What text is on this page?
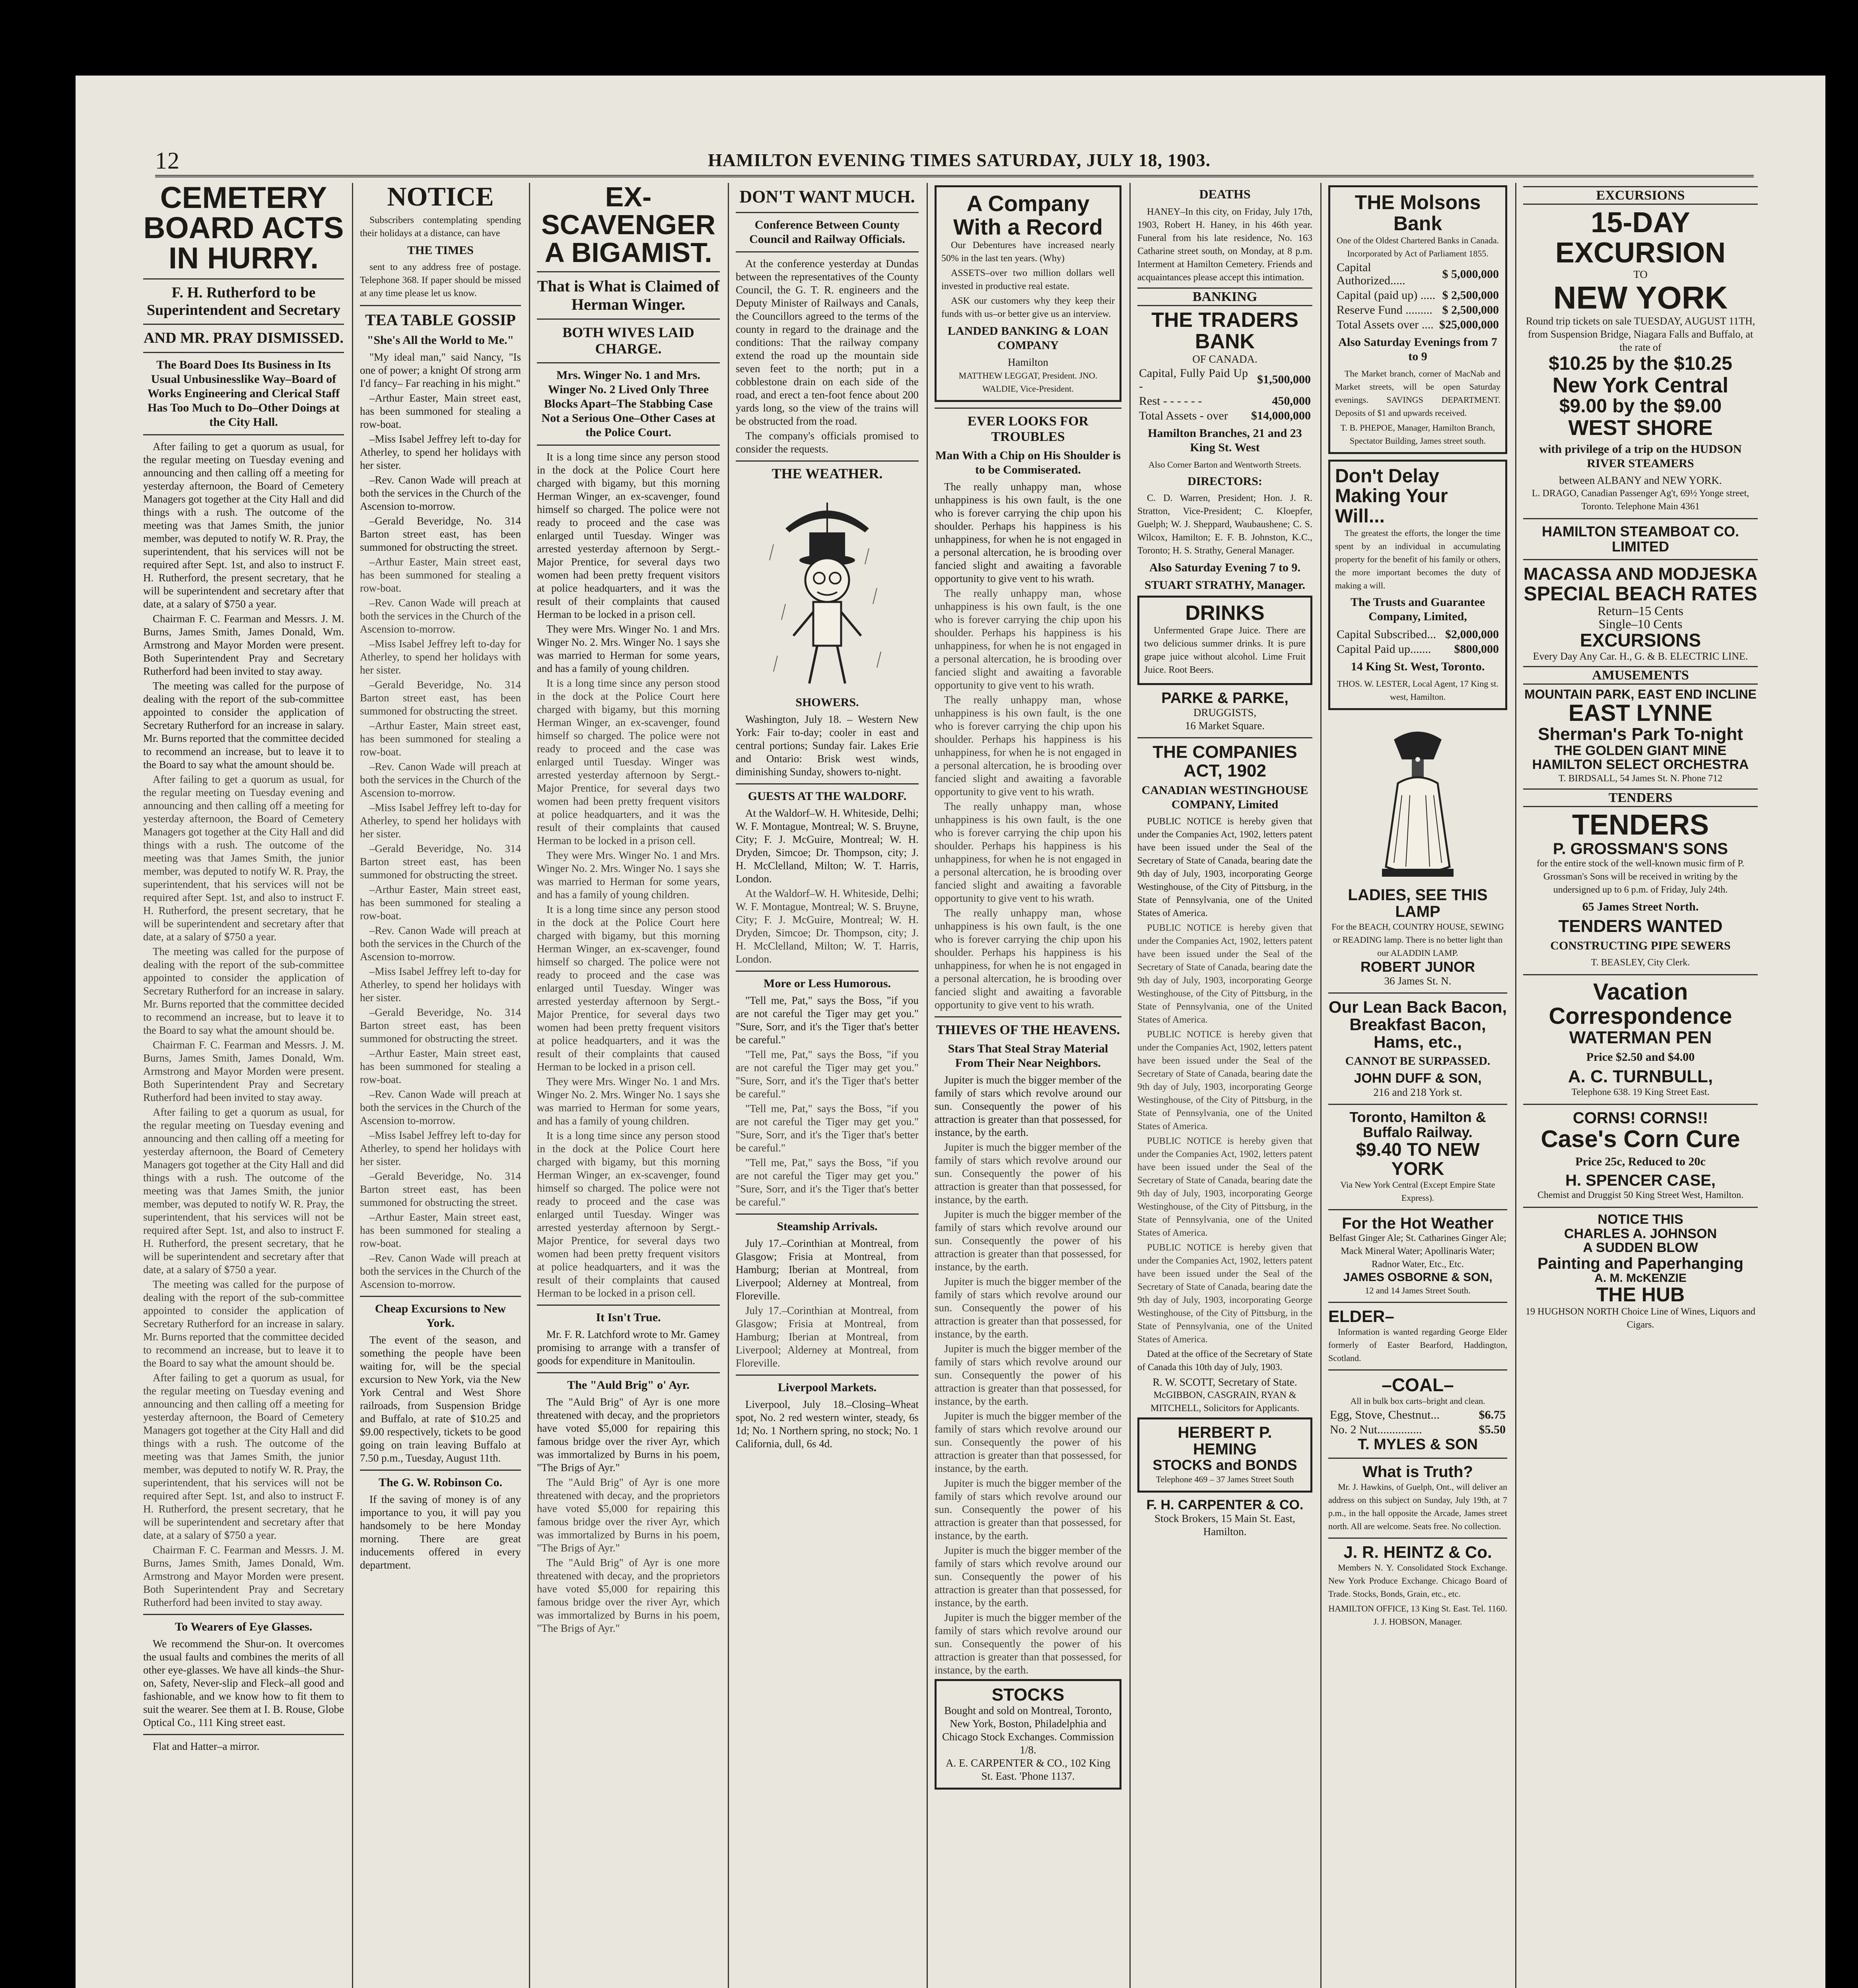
12	HAMILTON EVENING TIMES SATURDAY, JULY 18, 1903.
CEMETERY BOARD ACTS IN HURRY.
F. H. Rutherford to be Superintendent and Secretary
AND MR. PRAY DISMISSED.
The Board Does Its Business in Its Usual Unbusinesslike Way–Board of Works Engineering and Clerical Staff Has Too Much to Do–Other Doings at the City Hall.

After failing to get a quorum as usual, for the regular meeting on Tuesday evening and announcing and then calling off a meeting for yesterday afternoon, the Board of Cemetery Managers got together at the City Hall and did things with a rush. The outcome of the meeting was that James Smith, the junior member, was deputed to notify W. R. Pray, the superintendent, that his services will not be required after Sept. 1st, and also to instruct F. H. Rutherford, the present secretary, that he will be superintendent and secretary after that date, at a salary of $750 a year.

Chairman F. C. Fearman and Messrs. J. M. Burns, James Smith, James Donald, Wm. Armstrong and Mayor Morden were present. Both Superintendent Pray and Secretary Rutherford had been invited to stay away.

The meeting was called for the purpose of dealing with the report of the sub-committee appointed to consider the application of Secretary Rutherford for an increase in salary. Mr. Burns reported that the committee decided to recommend an increase, but to leave it to the Board to say what the amount should be.

After failing to get a quorum as usual, for the regular meeting on Tuesday evening and announcing and then calling off a meeting for yesterday afternoon, the Board of Cemetery Managers got together at the City Hall and did things with a rush. The outcome of the meeting was that James Smith, the junior member, was deputed to notify W. R. Pray, the superintendent, that his services will not be required after Sept. 1st, and also to instruct F. H. Rutherford, the present secretary, that he will be superintendent and secretary after that date, at a salary of $750 a year.

The meeting was called for the purpose of dealing with the report of the sub-committee appointed to consider the application of Secretary Rutherford for an increase in salary. Mr. Burns reported that the committee decided to recommend an increase, but to leave it to the Board to say what the amount should be.

Chairman F. C. Fearman and Messrs. J. M. Burns, James Smith, James Donald, Wm. Armstrong and Mayor Morden were present. Both Superintendent Pray and Secretary Rutherford had been invited to stay away.

After failing to get a quorum as usual, for the regular meeting on Tuesday evening and announcing and then calling off a meeting for yesterday afternoon, the Board of Cemetery Managers got together at the City Hall and did things with a rush. The outcome of the meeting was that James Smith, the junior member, was deputed to notify W. R. Pray, the superintendent, that his services will not be required after Sept. 1st, and also to instruct F. H. Rutherford, the present secretary, that he will be superintendent and secretary after that date, at a salary of $750 a year.

The meeting was called for the purpose of dealing with the report of the sub-committee appointed to consider the application of Secretary Rutherford for an increase in salary. Mr. Burns reported that the committee decided to recommend an increase, but to leave it to the Board to say what the amount should be.

After failing to get a quorum as usual, for the regular meeting on Tuesday evening and announcing and then calling off a meeting for yesterday afternoon, the Board of Cemetery Managers got together at the City Hall and did things with a rush. The outcome of the meeting was that James Smith, the junior member, was deputed to notify W. R. Pray, the superintendent, that his services will not be required after Sept. 1st, and also to instruct F. H. Rutherford, the present secretary, that he will be superintendent and secretary after that date, at a salary of $750 a year.

Chairman F. C. Fearman and Messrs. J. M. Burns, James Smith, James Donald, Wm. Armstrong and Mayor Morden were present. Both Superintendent Pray and Secretary Rutherford had been invited to stay away.

To Wearers of Eye Glasses.

We recommend the Shur-on. It overcomes the usual faults and combines the merits of all other eye-glasses. We have all kinds–the Shur-on, Safety, Never-slip and Fleck–all good and fashionable, and we know how to fit them to suit the wearer. See them at I. B. Rouse, Globe Optical Co., 111 King street east.

Flat and Hatter–a mirror.

NOTICE

Subscribers contemplating spending their holidays at a distance, can have

THE TIMES

sent to any address free of postage. Telephone 368. If paper should be missed at any time please let us know.

TEA TABLE GOSSIP
"She's All the World to Me."

"My ideal man," said Nancy, "Is one of power; a knight Of strong arm I'd fancy– Far reaching in his might."

–Arthur Easter, Main street east, has been summoned for stealing a row-boat.

–Miss Isabel Jeffrey left to-day for Atherley, to spend her holidays with her sister.

–Rev. Canon Wade will preach at both the services in the Church of the Ascension to-morrow.

–Gerald Beveridge, No. 314 Barton street east, has been summoned for obstructing the street.

–Arthur Easter, Main street east, has been summoned for stealing a row-boat.

–Rev. Canon Wade will preach at both the services in the Church of the Ascension to-morrow.

–Miss Isabel Jeffrey left to-day for Atherley, to spend her holidays with her sister.

–Gerald Beveridge, No. 314 Barton street east, has been summoned for obstructing the street.

–Arthur Easter, Main street east, has been summoned for stealing a row-boat.

–Rev. Canon Wade will preach at both the services in the Church of the Ascension to-morrow.

–Miss Isabel Jeffrey left to-day for Atherley, to spend her holidays with her sister.

–Gerald Beveridge, No. 314 Barton street east, has been summoned for obstructing the street.

–Arthur Easter, Main street east, has been summoned for stealing a row-boat.

–Rev. Canon Wade will preach at both the services in the Church of the Ascension to-morrow.

–Miss Isabel Jeffrey left to-day for Atherley, to spend her holidays with her sister.

–Gerald Beveridge, No. 314 Barton street east, has been summoned for obstructing the street.

–Arthur Easter, Main street east, has been summoned for stealing a row-boat.

–Rev. Canon Wade will preach at both the services in the Church of the Ascension to-morrow.

–Miss Isabel Jeffrey left to-day for Atherley, to spend her holidays with her sister.

–Gerald Beveridge, No. 314 Barton street east, has been summoned for obstructing the street.

–Arthur Easter, Main street east, has been summoned for stealing a row-boat.

–Rev. Canon Wade will preach at both the services in the Church of the Ascension to-morrow.

Cheap Excursions to New York.

The event of the season, and something the people have been waiting for, will be the special excursion to New York, via the New York Central and West Shore railroads, from Suspension Bridge and Buffalo, at rate of $10.25 and $9.00 respectively, tickets to be good going on train leaving Buffalo at 7.50 p.m., Tuesday, August 11th.

The G. W. Robinson Co.

If the saving of money is of any importance to you, it will pay you handsomely to be here Monday morning. There are great inducements offered in every department.

EX-SCAVENGER A BIGAMIST.
That is What is Claimed of Herman Winger.
BOTH WIVES LAID CHARGE.
Mrs. Winger No. 1 and Mrs. Winger No. 2 Lived Only Three Blocks Apart–The Stabbing Case Not a Serious One–Other Cases at the Police Court.

It is a long time since any person stood in the dock at the Police Court here charged with bigamy, but this morning Herman Winger, an ex-scavenger, found himself so charged. The police were not ready to proceed and the case was enlarged until Tuesday. Winger was arrested yesterday afternoon by Sergt.-Major Prentice, for several days two women had been pretty frequent visitors at police headquarters, and it was the result of their complaints that caused Herman to be locked in a prison cell.

They were Mrs. Winger No. 1 and Mrs. Winger No. 2. Mrs. Winger No. 1 says she was married to Herman for some years, and has a family of young children.

It is a long time since any person stood in the dock at the Police Court here charged with bigamy, but this morning Herman Winger, an ex-scavenger, found himself so charged. The police were not ready to proceed and the case was enlarged until Tuesday. Winger was arrested yesterday afternoon by Sergt.-Major Prentice, for several days two women had been pretty frequent visitors at police headquarters, and it was the result of their complaints that caused Herman to be locked in a prison cell.

They were Mrs. Winger No. 1 and Mrs. Winger No. 2. Mrs. Winger No. 1 says she was married to Herman for some years, and has a family of young children.

It is a long time since any person stood in the dock at the Police Court here charged with bigamy, but this morning Herman Winger, an ex-scavenger, found himself so charged. The police were not ready to proceed and the case was enlarged until Tuesday. Winger was arrested yesterday afternoon by Sergt.-Major Prentice, for several days two women had been pretty frequent visitors at police headquarters, and it was the result of their complaints that caused Herman to be locked in a prison cell.

They were Mrs. Winger No. 1 and Mrs. Winger No. 2. Mrs. Winger No. 1 says she was married to Herman for some years, and has a family of young children.

It is a long time since any person stood in the dock at the Police Court here charged with bigamy, but this morning Herman Winger, an ex-scavenger, found himself so charged. The police were not ready to proceed and the case was enlarged until Tuesday. Winger was arrested yesterday afternoon by Sergt.-Major Prentice, for several days two women had been pretty frequent visitors at police headquarters, and it was the result of their complaints that caused Herman to be locked in a prison cell.

It Isn't True.

Mr. F. R. Latchford wrote to Mr. Gamey promising to arrange with a transfer of goods for expenditure in Manitoulin.

The "Auld Brig" o' Ayr.

The "Auld Brig" of Ayr is one more threatened with decay, and the proprietors have voted $5,000 for repairing this famous bridge over the river Ayr, which was immortalized by Burns in his poem, "The Brigs of Ayr."

The "Auld Brig" of Ayr is one more threatened with decay, and the proprietors have voted $5,000 for repairing this famous bridge over the river Ayr, which was immortalized by Burns in his poem, "The Brigs of Ayr."

The "Auld Brig" of Ayr is one more threatened with decay, and the proprietors have voted $5,000 for repairing this famous bridge over the river Ayr, which was immortalized by Burns in his poem, "The Brigs of Ayr."

DON'T WANT MUCH.
Conference Between County Council and Railway Officials.

At the conference yesterday at Dundas between the representatives of the County Council, the G. T. R. engineers and the Deputy Minister of Railways and Canals, the Councillors agreed to the terms of the county in regard to the drainage and the conditions: That the railway company extend the road up the mountain side seven feet to the north; put in a cobblestone drain on each side of the road, and erect a ten-foot fence about 200 yards long, so the view of the trains will be obstructed from the road.

The company's officials promised to consider the requests.

THE WEATHER.
SHOWERS.

Washington, July 18. – Western New York: Fair to-day; cooler in east and central portions; Sunday fair. Lakes Erie and Ontario: Brisk west winds, diminishing Sunday, showers to-night.

GUESTS AT THE WALDORF.

At the Waldorf–W. H. Whiteside, Delhi; W. F. Montague, Montreal; W. S. Bruyne, City; F. J. McGuire, Montreal; W. H. Dryden, Simcoe; Dr. Thompson, city; J. H. McClelland, Milton; W. T. Harris, London.

At the Waldorf–W. H. Whiteside, Delhi; W. F. Montague, Montreal; W. S. Bruyne, City; F. J. McGuire, Montreal; W. H. Dryden, Simcoe; Dr. Thompson, city; J. H. McClelland, Milton; W. T. Harris, London.

More or Less Humorous.

"Tell me, Pat," says the Boss, "if you are not careful the Tiger may get you." "Sure, Sorr, and it's the Tiger that's better be careful."

"Tell me, Pat," says the Boss, "if you are not careful the Tiger may get you." "Sure, Sorr, and it's the Tiger that's better be careful."

"Tell me, Pat," says the Boss, "if you are not careful the Tiger may get you." "Sure, Sorr, and it's the Tiger that's better be careful."

"Tell me, Pat," says the Boss, "if you are not careful the Tiger may get you." "Sure, Sorr, and it's the Tiger that's better be careful."

Steamship Arrivals.

July 17.–Corinthian at Montreal, from Glasgow; Frisia at Montreal, from Hamburg; Iberian at Montreal, from Liverpool; Alderney at Montreal, from Floreville.

July 17.–Corinthian at Montreal, from Glasgow; Frisia at Montreal, from Hamburg; Iberian at Montreal, from Liverpool; Alderney at Montreal, from Floreville.

Liverpool Markets.

Liverpool, July 18.–Closing–Wheat spot, No. 2 red western winter, steady, 6s 1d; No. 1 Northern spring, no stock; No. 1 California, dull, 6s 4d.

A Company With a Record

Our Debentures have increased nearly 50% in the last ten years. (Why)

ASSETS–over two million dollars well invested in productive real estate.

ASK our customers why they keep their funds with us–or better give us an interview.

LANDED BANKING & LOAN COMPANY
Hamilton
MATTHEW LEGGAT, President. JNO. WALDIE, Vice-President.
EVER LOOKS FOR TROUBLES
Man With a Chip on His Shoulder is to be Commiserated.

The really unhappy man, whose unhappiness is his own fault, is the one who is forever carrying the chip upon his shoulder. Perhaps his happiness is his unhappiness, for when he is not engaged in a personal altercation, he is brooding over fancied slight and awaiting a favorable opportunity to give vent to his wrath.

The really unhappy man, whose unhappiness is his own fault, is the one who is forever carrying the chip upon his shoulder. Perhaps his happiness is his unhappiness, for when he is not engaged in a personal altercation, he is brooding over fancied slight and awaiting a favorable opportunity to give vent to his wrath.

The really unhappy man, whose unhappiness is his own fault, is the one who is forever carrying the chip upon his shoulder. Perhaps his happiness is his unhappiness, for when he is not engaged in a personal altercation, he is brooding over fancied slight and awaiting a favorable opportunity to give vent to his wrath.

The really unhappy man, whose unhappiness is his own fault, is the one who is forever carrying the chip upon his shoulder. Perhaps his happiness is his unhappiness, for when he is not engaged in a personal altercation, he is brooding over fancied slight and awaiting a favorable opportunity to give vent to his wrath.

The really unhappy man, whose unhappiness is his own fault, is the one who is forever carrying the chip upon his shoulder. Perhaps his happiness is his unhappiness, for when he is not engaged in a personal altercation, he is brooding over fancied slight and awaiting a favorable opportunity to give vent to his wrath.

THIEVES OF THE HEAVENS.
Stars That Steal Stray Material From Their Near Neighbors.

Jupiter is much the bigger member of the family of stars which revolve around our sun. Consequently the power of his attraction is greater than that possessed, for instance, by the earth.

Jupiter is much the bigger member of the family of stars which revolve around our sun. Consequently the power of his attraction is greater than that possessed, for instance, by the earth.

Jupiter is much the bigger member of the family of stars which revolve around our sun. Consequently the power of his attraction is greater than that possessed, for instance, by the earth.

Jupiter is much the bigger member of the family of stars which revolve around our sun. Consequently the power of his attraction is greater than that possessed, for instance, by the earth.

Jupiter is much the bigger member of the family of stars which revolve around our sun. Consequently the power of his attraction is greater than that possessed, for instance, by the earth.

Jupiter is much the bigger member of the family of stars which revolve around our sun. Consequently the power of his attraction is greater than that possessed, for instance, by the earth.

Jupiter is much the bigger member of the family of stars which revolve around our sun. Consequently the power of his attraction is greater than that possessed, for instance, by the earth.

Jupiter is much the bigger member of the family of stars which revolve around our sun. Consequently the power of his attraction is greater than that possessed, for instance, by the earth.

Jupiter is much the bigger member of the family of stars which revolve around our sun. Consequently the power of his attraction is greater than that possessed, for instance, by the earth.

STOCKS
Bought and sold on Montreal, Toronto, New York, Boston, Philadelphia and Chicago Stock Exchanges. Commission 1/8.
A. E. CARPENTER & CO., 102 King St. East. 'Phone 1137.
DEATHS

HANEY–In this city, on Friday, July 17th, 1903, Robert H. Haney, in his 46th year. Funeral from his late residence, No. 163 Catharine street south, on Monday, at 8 p.m. Interment at Hamilton Cemetery. Friends and acquaintances please accept this intimation.

BANKING
THE TRADERS BANK
OF CANADA.
Capital, Fully Paid Up -	$1,500,000
Rest - - - - - -	450,000
Total Assets - over	$14,000,000
Hamilton Branches, 21 and 23 King St. West
Also Corner Barton and Wentworth Streets.
DIRECTORS:

C. D. Warren, President; Hon. J. R. Stratton, Vice-President; C. Kloepfer, Guelph; W. J. Sheppard, Waubaushene; C. S. Wilcox, Hamilton; E. F. B. Johnston, K.C., Toronto; H. S. Strathy, General Manager.

Also Saturday Evening 7 to 9.
STUART STRATHY, Manager.
DRINKS

Unfermented Grape Juice. There are two delicious summer drinks. It is pure grape juice without alcohol. Lime Fruit Juice. Root Beers.

PARKE & PARKE,
DRUGGISTS,
16 Market Square.
THE COMPANIES ACT, 1902
CANADIAN WESTINGHOUSE COMPANY, Limited

PUBLIC NOTICE is hereby given that under the Companies Act, 1902, letters patent have been issued under the Seal of the Secretary of State of Canada, bearing date the 9th day of July, 1903, incorporating George Westinghouse, of the City of Pittsburg, in the State of Pennsylvania, one of the United States of America.

PUBLIC NOTICE is hereby given that under the Companies Act, 1902, letters patent have been issued under the Seal of the Secretary of State of Canada, bearing date the 9th day of July, 1903, incorporating George Westinghouse, of the City of Pittsburg, in the State of Pennsylvania, one of the United States of America.

PUBLIC NOTICE is hereby given that under the Companies Act, 1902, letters patent have been issued under the Seal of the Secretary of State of Canada, bearing date the 9th day of July, 1903, incorporating George Westinghouse, of the City of Pittsburg, in the State of Pennsylvania, one of the United States of America.

PUBLIC NOTICE is hereby given that under the Companies Act, 1902, letters patent have been issued under the Seal of the Secretary of State of Canada, bearing date the 9th day of July, 1903, incorporating George Westinghouse, of the City of Pittsburg, in the State of Pennsylvania, one of the United States of America.

PUBLIC NOTICE is hereby given that under the Companies Act, 1902, letters patent have been issued under the Seal of the Secretary of State of Canada, bearing date the 9th day of July, 1903, incorporating George Westinghouse, of the City of Pittsburg, in the State of Pennsylvania, one of the United States of America.

Dated at the office of the Secretary of State of Canada this 10th day of July, 1903.

R. W. SCOTT, Secretary of State.
McGIBBON, CASGRAIN, RYAN & MITCHELL, Solicitors for Applicants.
HERBERT P. HEMING
STOCKS and BONDS
Telephone 469 – 37 James Street South
F. H. CARPENTER & CO.
Stock Brokers, 15 Main St. East, Hamilton.
THE Molsons Bank
One of the Oldest Chartered Banks in Canada. Incorporated by Act of Parliament 1855.
Capital Authorized.....	$ 5,000,000
Capital (paid up) .....	$ 2,500,000
Reserve Fund .........	$ 2,500,000
Total Assets over ....	$25,000,000
Also Saturday Evenings from 7 to 9

The Market branch, corner of MacNab and Market streets, will be open Saturday evenings. SAVINGS DEPARTMENT. Deposits of $1 and upwards received.

T. B. PHEPOE, Manager, Hamilton Branch, Spectator Building, James street south.
Don't Delay Making Your Will...

The greatest the efforts, the longer the time spent by an individual in accumulating property for the benefit of his family or others, the more important becomes the duty of making a will.

The Trusts and Guarantee Company, Limited,
Capital Subscribed...	$2,000,000
Capital Paid up.......	$800,000
14 King St. West, Toronto.
THOS. W. LESTER, Local Agent, 17 King st. west, Hamilton.
LADIES, SEE THIS LAMP
For the BEACH, COUNTRY HOUSE, SEWING or READING lamp. There is no better light than our ALADDIN LAMP.
ROBERT JUNOR
36 James St. N.
Our Lean Back Bacon, Breakfast Bacon, Hams, etc.,
CANNOT BE SURPASSED.
JOHN DUFF & SON,
216 and 218 York st.
Toronto, Hamilton & Buffalo Railway.
$9.40 TO NEW YORK
Via New York Central (Except Empire State Express).
For the Hot Weather
Belfast Ginger Ale; St. Catharines Ginger Ale; Mack Mineral Water; Apollinaris Water; Radnor Water, Etc., Etc.
JAMES OSBORNE & SON,
12 and 14 James Street South.
ELDER–

Information is wanted regarding George Elder formerly of Easter Bearford, Haddington, Scotland.

–COAL–
All in bulk box carts–bright and clean.
Egg, Stove, Chestnut...	$6.75
No. 2 Nut...............	$5.50
T. MYLES & SON
What is Truth?

Mr. J. Hawkins, of Guelph, Ont., will deliver an address on this subject on Sunday, July 19th, at 7 p.m., in the hall opposite the Arcade, James street north. All are welcome. Seats free. No collection.

J. R. HEINTZ & Co.

Members N. Y. Consolidated Stock Exchange. New York Produce Exchange. Chicago Board of Trade. Stocks, Bonds, Grain, etc., etc.

HAMILTON OFFICE, 13 King St. East. Tel. 1160. J. J. HOBSON, Manager.
EXCURSIONS
15-DAY EXCURSION
TO
NEW YORK
Round trip tickets on sale TUESDAY, AUGUST 11TH, from Suspension Bridge, Niagara Falls and Buffalo, at the rate of
$10.25 by the $10.25
New York Central
$9.00 by the $9.00
WEST SHORE
with privilege of a trip on the HUDSON RIVER STEAMERS
between ALBANY and NEW YORK.
L. DRAGO, Canadian Passenger Ag't, 69½ Yonge street, Toronto. Telephone Main 4361
HAMILTON STEAMBOAT CO. LIMITED
MACASSA AND MODJESKA
SPECIAL BEACH RATES
Return–15 Cents
Single–10 Cents
EXCURSIONS
Every Day Any Car. H., G. & B. ELECTRIC LINE.
AMUSEMENTS
MOUNTAIN PARK, EAST END INCLINE
EAST LYNNE
Sherman's Park To-night
THE GOLDEN GIANT MINE
HAMILTON SELECT ORCHESTRA
T. BIRDSALL, 54 James St. N. Phone 712
TENDERS
TENDERS
P. GROSSMAN'S SONS
for the entire stock of the well-known music firm of P. Grossman's Sons will be received in writing by the undersigned up to 6 p.m. of Friday, July 24th.
65 James Street North.
TENDERS WANTED
CONSTRUCTING PIPE SEWERS
T. BEASLEY, City Clerk.
Vacation Correspondence
WATERMAN PEN
Price $2.50 and $4.00
A. C. TURNBULL,
Telephone 638. 19 King Street East.
CORNS! CORNS!!
Case's Corn Cure
Price 25c, Reduced to 20c
H. SPENCER CASE,
Chemist and Druggist 50 King Street West, Hamilton.
NOTICE THIS
CHARLES A. JOHNSON
A SUDDEN BLOW
Painting and Paperhanging
A. M. McKENZIE
THE HUB
19 HUGHSON NORTH Choice Line of Wines, Liquors and Cigars.
